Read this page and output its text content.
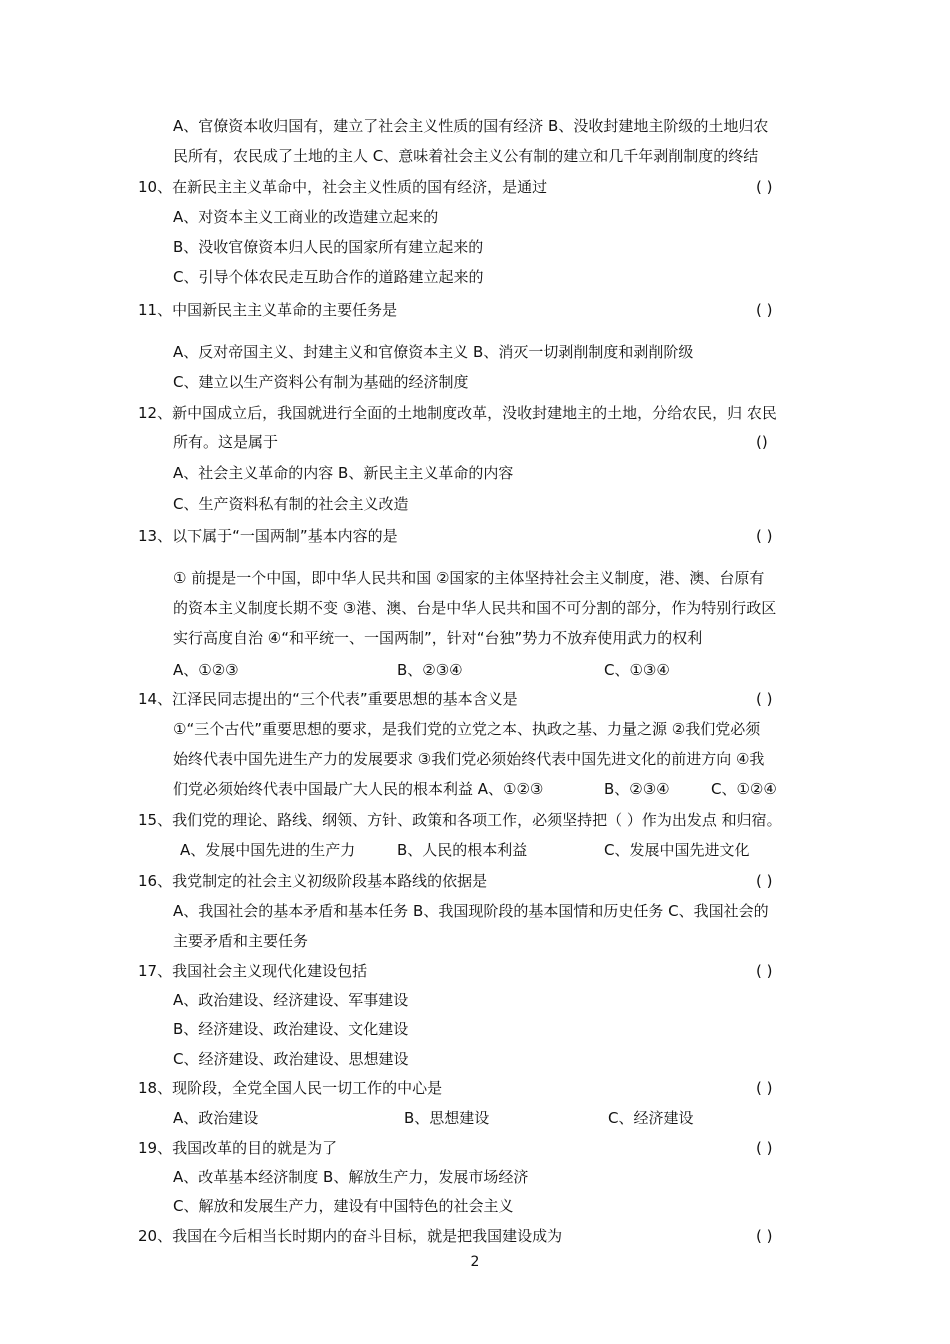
A、官僚资本收归国有，建立了社会主义性质的国有经济 B、没收封建地主阶级的土地归农
民所有，农民成了土地的主人 C、意味着社会主义公有制的建立和几千年剥削制度的终结
10、在新民主主义革命中，社会主义性质的国有经济，是通过
A、对资本主义工商业的改造建立起来的
B、没收官僚资本归人民的国家所有建立起来的
C、引导个体农民走互助合作的道路建立起来的
11、中国新民主主义革命的主要任务是
A、反对帝国主义、封建主义和官僚资本主义 B、消灭一切剥削制度和剥削阶级
C、建立以生产资料公有制为基础的经济制度
12、新中国成立后，我国就进行全面的土地制度改革，没收封建地主的土地，分给农民，归 农民
所有。这是属于
A、社会主义革命的内容 B、新民主主义革命的内容
C、生产资料私有制的社会主义改造
13、以下属于“一国两制”基本内容的是
① 前提是一个中国，即中华人民共和国 ②国家的主体坚持社会主义制度，港、澳、台原有
的资本主义制度长期不变 ③港、澳、台是中华人民共和国不可分割的部分，作为特别行政区
实行高度自治 ④“和平统一、一国两制”，针对“台独”势力不放弃使用武力的权利
A、①②③	B、②③④	C、①③④
14、江泽民同志提出的“三个代表”重要思想的基本含义是
①“三个古代”重要思想的要求，是我们党的立党之本、执政之基、力量之源 ②我们党必须
始终代表中国先进生产力的发展要求 ③我们党必须始终代表中国先进文化的前进方向 ④我
们党必须始终代表中国最广大人民的根本利益 A、①②③	B、②③④	C、①②④
15、我们党的理论、路线、纲领、方针、政策和各项工作，必须坚持把（ ）作为出发点 和归宿。
A、发展中国先进的生产力	B、人民的根本利益	C、发展中国先进文化
16、我党制定的社会主义初级阶段基本路线的依据是
A、我国社会的基本矛盾和基本任务 B、我国现阶段的基本国情和历史任务 C、我国社会的
主要矛盾和主要任务
17、我国社会主义现代化建设包括
A、政治建设、经济建设、军事建设
B、经济建设、政治建设、文化建设
C、经济建设、政治建设、思想建设
18、现阶段，全党全国人民一切工作的中心是
A、政治建设	B、思想建设	C、经济建设
19、我国改革的目的就是为了
A、改革基本经济制度 B、解放生产力，发展市场经济
C、解放和发展生产力，建设有中国特色的社会主义
20、我国在今后相当长时期内的奋斗目标，就是把我国建设成为
( )
( )
()
( )
( )
( )
( )
( )
( )
( )
2
